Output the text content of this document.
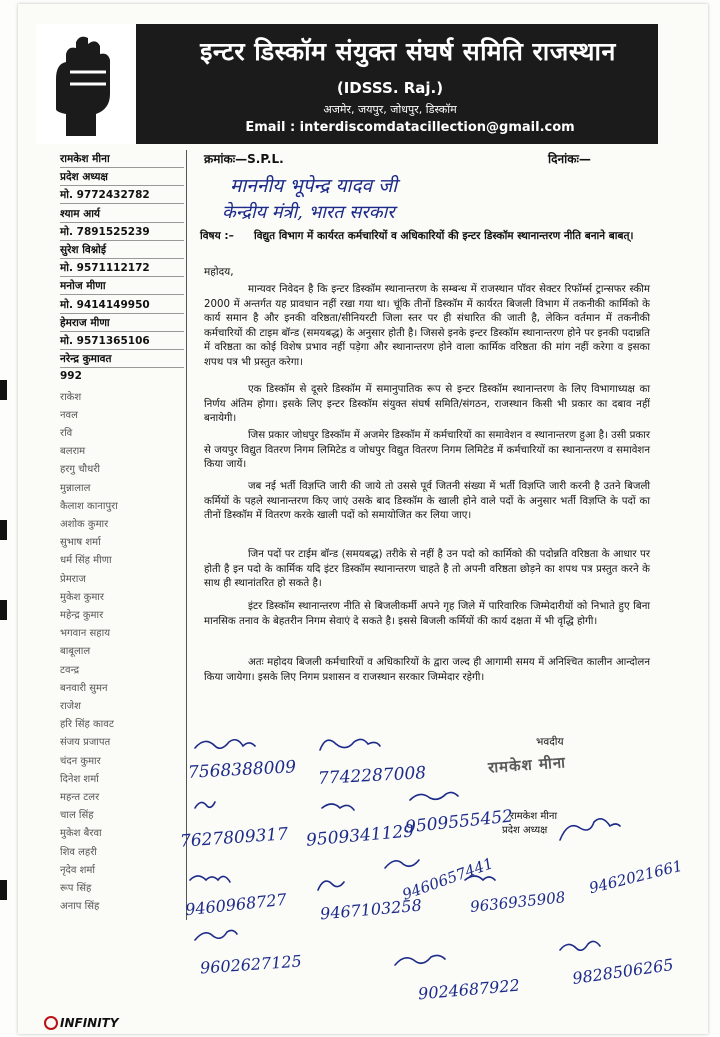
इन्टर डिस्कॉम संयुक्त संघर्ष समिति राजस्थान
(IDSSS. Raj.)
अजमेर, जयपुर, जोधपुर, डिस्कॉम
Email : interdiscomdatacillection@gmail.com
रामकेश मीना
प्रदेश अध्यक्ष
मो. 9772432782
श्याम आर्य
मो. 7891525239
सुरेश विश्नोई
मो. 9571112172
मनोज मीणा
मो. 9414149950
हेमराज मीणा
मो. 9571365106
नरेन्द्र कुमावत
992
राकेश
नवल
रवि
बलराम
हरगु चौधरी
मुन्नालाल
कैलाश कानापुरा
अशोक कुमार
सुभाष शर्मा
धर्म सिंह मीणा
प्रेमराज
मुकेश कुमार
महेन्द्र कुमार
भगवान सहाय
बाबूलाल
टवन्द्र
बनवारी सुमन
राजेश
हरि सिंह कावट
संजय प्रजापत
चंदन कुमार
दिनेश शर्मा
महन्त टलर
चाल सिंह
मुकेश बैरवा
शिव लहरी
नृदेव शर्मा
रूप सिंह
अनाप सिंह
क्रमांकः—S.P.L.	दिनांकः—
माननीय भूपेन्द्र यादव जी
केन्द्रीय मंत्री, भारत सरकार
विषय :– विद्युत विभाग में कार्यरत कर्मचारियों व अधिकारियों की इन्टर डिस्कॉम स्थानान्तरण नीति बनाने बाबत्।
महोदय,
मान्यवर निवेदन है कि इन्टर डिस्कॉम स्थानान्तरण के सम्बन्ध में राजस्थान पॉवर सेक्टर रिफॉर्म्स ट्रान्सफर स्कीम 2000 में अन्तर्गत यह प्रावधान नहीं रखा गया था। चूंकि तीनों डिस्कॉम में कार्यरत बिजली विभाग में तकनीकी कार्मिको के कार्य समान है और इनकी वरिष्ठता/सीनियरटी जिला स्तर पर ही संधारित की जाती है, लेकिन वर्तमान में तकनीकी कर्मचारियों की टाइम बॉन्ड (समयबद्ध) के अनुसार होती है। जिससे इनके इन्टर डिस्कॉम स्थानान्तरण होने पर इनकी पदान्नति में वरिष्ठता का कोई विशेष प्रभाव नहीं पड़ेगा और स्थानान्तरण होने वाला कार्मिक वरिष्ठता की मांग नहीं करेगा व इसका शपथ पत्र भी प्रस्तुत करेगा।
एक डिस्कॉम से दूसरे डिस्कॉम में समानुपातिक रूप से इन्टर डिस्कॉम स्थानान्तरण के लिए विभागाध्यक्ष का निर्णय अंतिम होगा। इसके लिए इन्टर डिस्कॉम संयुक्त संघर्ष समिति/संगठन, राजस्थान किसी भी प्रकार का दबाव नहीं बनायेगी।
जिस प्रकार जोधपुर डिस्कॉम में अजमेर डिस्कॉम में कर्मचारियों का समावेशन व स्थानान्तरण हुआ है। उसी प्रकार से जयपुर विद्युत वितरण निगम लिमिटेड व जोधपुर विद्युत वितरण निगम लिमिटेड में कर्मचारियों का स्थानान्तरण व समावेशन किया जायें।
जब नई भर्ती विज्ञप्ति जारी की जाये तो उससे पूर्व जितनी संख्या में भर्ती विज्ञप्ति जारी करनी है उतने बिजली कर्मियों के पहले स्थानान्तरण किए जाएं उसके बाद डिस्कॉम के खाली होने वाले पदों के अनुसार भर्ती विज्ञप्ति के पदों का तीनों डिस्कॉम में वितरण करके खाली पदों को समायोजित कर लिया जाए।
जिन पदों पर टाईम बॉन्ड (समयबद्ध) तरीके से नहीं है उन पदो को कार्मिको की पदोन्नति वरिष्ठता के आधार पर होती है इन पदो के कार्मिक यदि इंटर डिस्कॉम स्थानान्तरण चाहते है तो अपनी वरिष्ठता छोड़ने का शपथ पत्र प्रस्तुत करने के साथ ही स्थानांतरित हो सकते है।
इंटर डिस्कॉम स्थानान्तरण नीति से बिजलीकर्मी अपने गृह जिले में पारिवारिक जिम्मेदारीयों को निभाते हुए बिना मानसिक तनाव के बेहतरीन निगम सेवाएं दे सकते है। इससे बिजली कर्मियों की कार्य दक्षता में भी वृद्धि होगी।
अतः महोदय बिजली कर्मचारियों व अधिकारियों के द्वारा जल्द ही आगामी समय में अनिश्चित कालीन आन्दोलन किया जायेगा। इसके लिए निगम प्रशासन व राजस्थान सरकार जिम्मेदार रहेगी।
भवदीय
रामकेश मीना
रामकेश मीना
प्रदेश अध्यक्ष
7568388009 7742287008
7627809317 9509341129
9509555452
9460968727 9467103258
9460657441	9462021661
9602627125	9828506265
9636935908
9024687922
INFINITY
